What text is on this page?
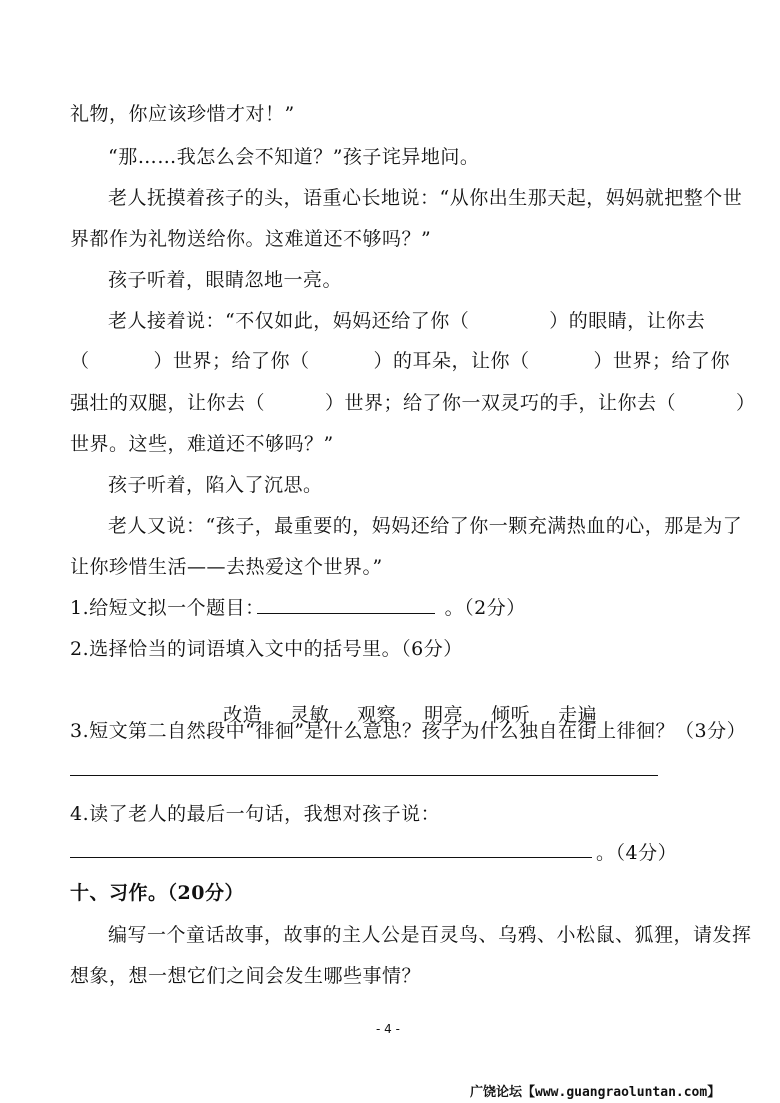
礼物，你应该珍惜才对！”
“那……我怎么会不知道？”孩子诧异地问。
老人抚摸着孩子的头，语重心长地说：“从你出生那天起，妈妈就把整个世
界都作为礼物送给你。这难道还不够吗？”
孩子听着，眼睛忽地一亮。
老人接着说：“不仅如此，妈妈还给了你（	）的眼睛，让你去
（	）世界；给了你（	）的耳朵，让你（	）世界；给了你
强壮的双腿，让你去（	）世界；给了你一双灵巧的手，让你去（	）
世界。这些，难道还不够吗？”
孩子听着，陷入了沉思。
老人又说：“孩子，最重要的，妈妈还给了你一颗充满热血的心，那是为了
让你珍惜生活——去热爱这个世界。”
1.给短文拟一个题目：	。（2分）
2.选择恰当的词语填入文中的括号里。（6分）

改造 灵敏 观察 明亮 倾听 走遍

3.短文第二自然段中“徘徊”是什么意思？孩子为什么独自在街上徘徊？（3分）
4.读了老人的最后一句话，我想对孩子说：
。（4分）
十、习作。（20分）
编写一个童话故事，故事的主人公是百灵鸟、乌鸦、小松鼠、狐狸，请发挥
想象，想一想它们之间会发生哪些事情？
- 4 -
广饶论坛【www.guangraoluntan.com】
